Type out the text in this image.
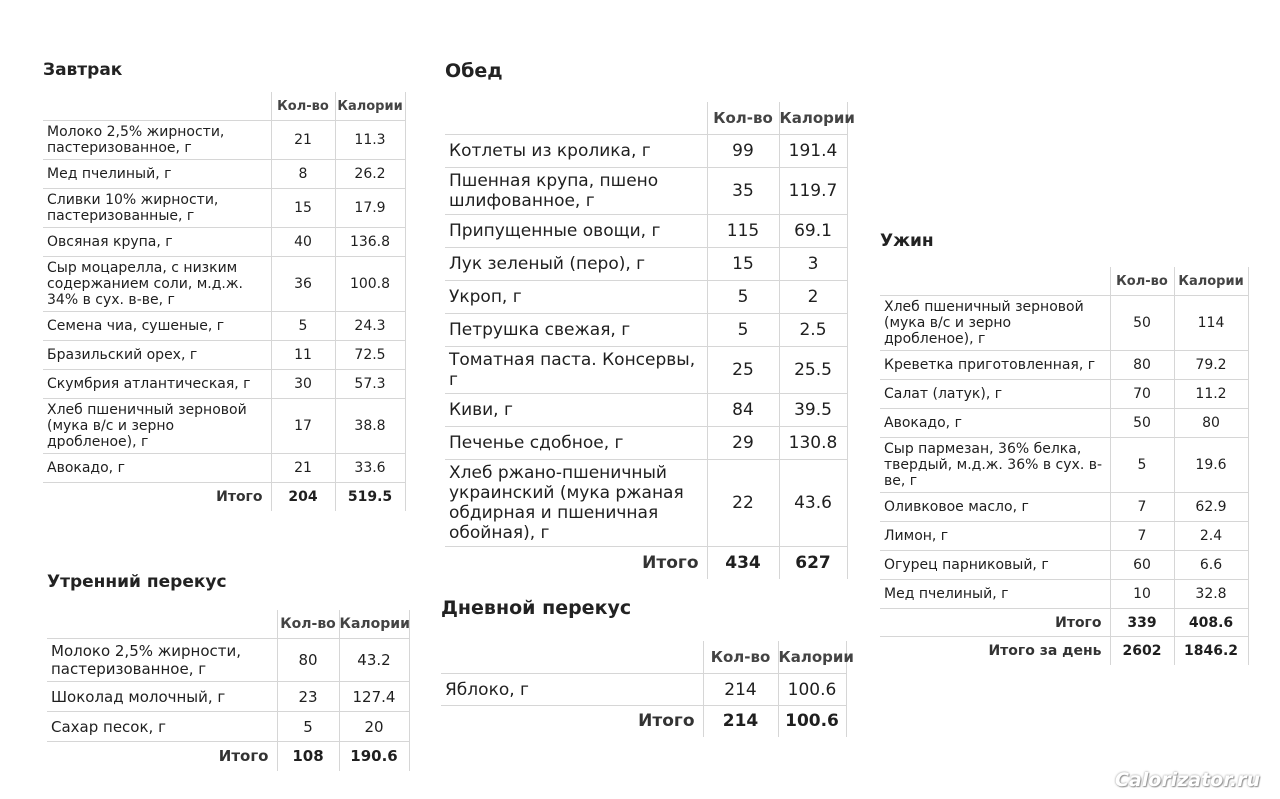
Завтрак
	Кол-во	Калории
Молоко 2,5% жирности, пастеризованное, г	21	11.3
Мед пчелиный, г	8	26.2
Сливки 10% жирности, пастеризованные, г	15	17.9
Овсяная крупа, г	40	136.8
Сыр моцарелла, с низким содержанием соли, м.д.ж. 34% в сух. в-ве, г	36	100.8
Семена чиа, сушеные, г	5	24.3
Бразильский орех, г	11	72.5
Скумбрия атлантическая, г	30	57.3
Хлеб пшеничный зерновой (мука в/с и зерно дробленое), г	17	38.8
Авокадо, г	21	33.6
Итого	204	519.5
Утренний перекус
	Кол-во	Калории
Молоко 2,5% жирности, пастеризованное, г	80	43.2
Шоколад молочный, г	23	127.4
Сахар песок, г	5	20
Итого	108	190.6
Обед
	Кол-во	Калории
Котлеты из кролика, г	99	191.4
Пшенная крупа, пшено шлифованное, г	35	119.7
Припущенные овощи, г	115	69.1
Лук зеленый (перо), г	15	3
Укроп, г	5	2
Петрушка свежая, г	5	2.5
Томатная паста. Консервы, г	25	25.5
Киви, г	84	39.5
Печенье сдобное, г	29	130.8
Хлеб ржано-пшеничный украинский (мука ржаная обдирная и пшеничная обойная), г	22	43.6
Итого	434	627
Дневной перекус
	Кол-во	Калории
Яблоко, г	214	100.6
Итого	214	100.6
Ужин
	Кол-во	Калории
Хлеб пшеничный зерновой (мука в/с и зерно дробленое), г	50	114
Креветка приготовленная, г	80	79.2
Салат (латук), г	70	11.2
Авокадо, г	50	80
Сыр пармезан, 36% белка, твердый, м.д.ж. 36% в сух. в-ве, г	5	19.6
Оливковое масло, г	7	62.9
Лимон, г	7	2.4
Огурец парниковый, г	60	6.6
Мед пчелиный, г	10	32.8
Итого	339	408.6
Итого за день	2602	1846.2
Calorizator.ru
